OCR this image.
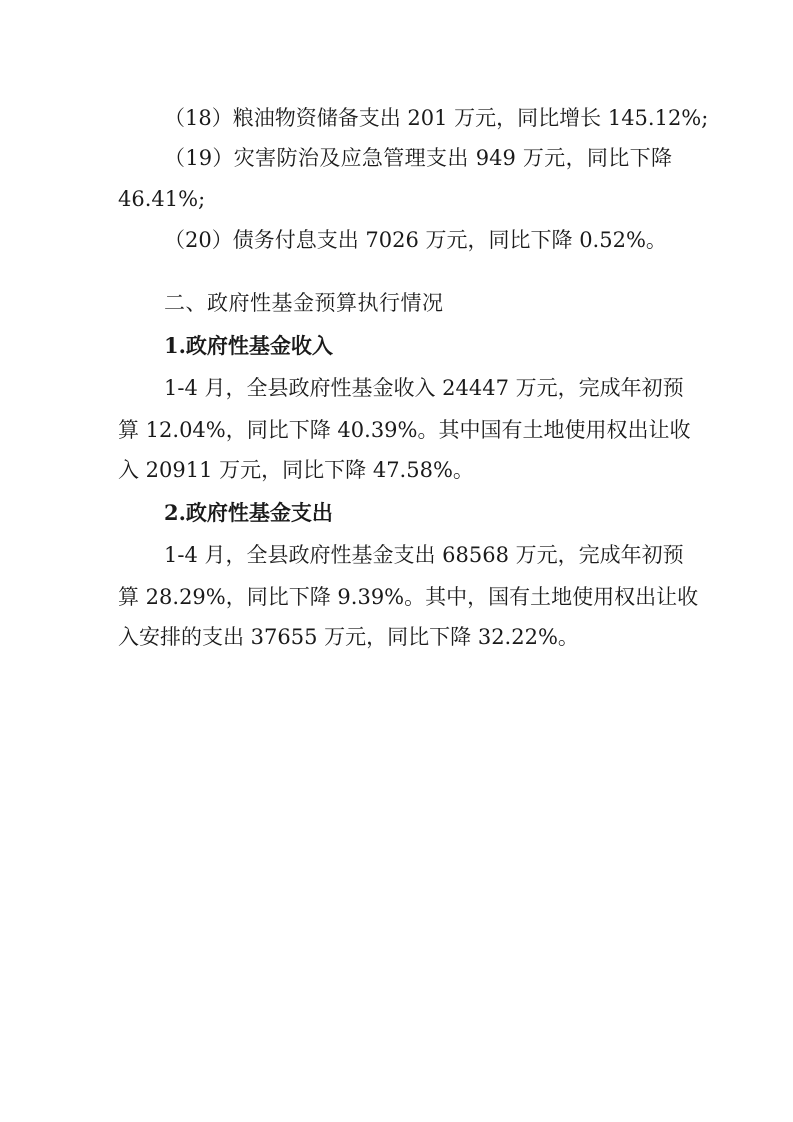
（18）粮油物资储备支出 201 万元，同比增长 145.12%;
（19）灾害防治及应急管理支出 949 万元，同比下降
46.41%;
（20）债务付息支出 7026 万元，同比下降 0.52%。
二、政府性基金预算执行情况
1.政府性基金收入
1-4 月，全县政府性基金收入 24447 万元，完成年初预
算 12.04%，同比下降 40.39%。其中国有土地使用权出让收
入 20911 万元，同比下降 47.58%。
2.政府性基金支出
1-4 月，全县政府性基金支出 68568 万元，完成年初预
算 28.29%，同比下降 9.39%。其中，国有土地使用权出让收
入安排的支出 37655 万元，同比下降 32.22%。
